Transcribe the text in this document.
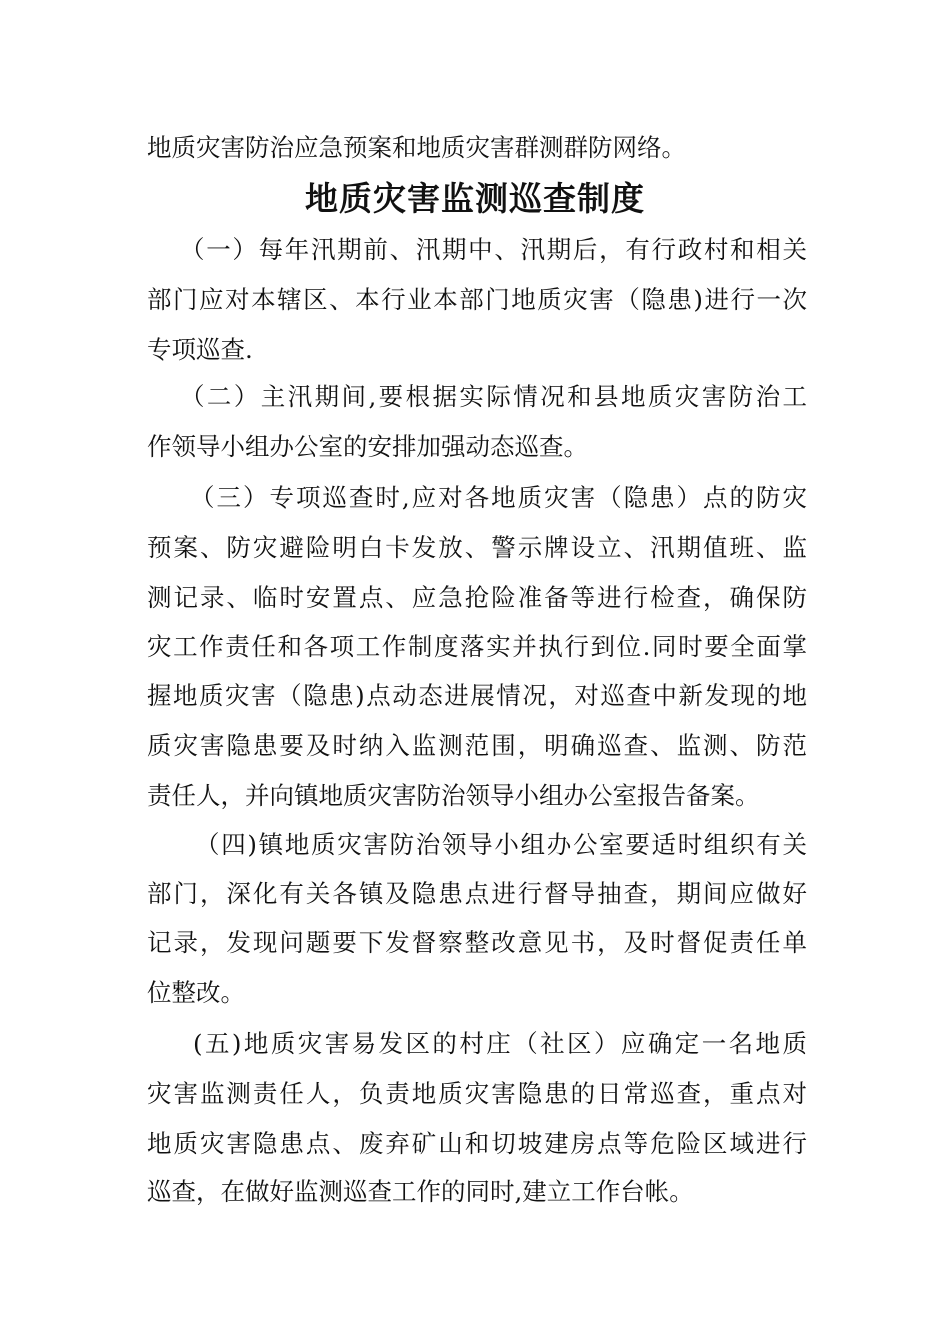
地质灾害防治应急预案和地质灾害群测群防网络。
地质灾害监测巡查制度
（一）每年汛期前、汛期中、汛期后，有行政村和相关
部门应对本辖区、本行业本部门地质灾害（隐患)进行一次
专项巡查.
（二）主汛期间,要根据实际情况和县地质灾害防治工
作领导小组办公室的安排加强动态巡查。
（三）专项巡查时,应对各地质灾害（隐患）点的防灾
预案、防灾避险明白卡发放、警示牌设立、汛期值班、监
测记录、临时安置点、应急抢险准备等进行检查，确保防
灾工作责任和各项工作制度落实并执行到位.同时要全面掌
握地质灾害（隐患)点动态进展情况，对巡查中新发现的地
质灾害隐患要及时纳入监测范围，明确巡查、监测、防范
责任人，并向镇地质灾害防治领导小组办公室报告备案。
（四)镇地质灾害防治领导小组办公室要适时组织有关
部门，深化有关各镇及隐患点进行督导抽查，期间应做好
记录，发现问题要下发督察整改意见书，及时督促责任单
位整改。
(五)地质灾害易发区的村庄（社区）应确定一名地质
灾害监测责任人，负责地质灾害隐患的日常巡查，重点对
地质灾害隐患点、废弃矿山和切坡建房点等危险区域进行
巡查，在做好监测巡查工作的同时,建立工作台帐。
